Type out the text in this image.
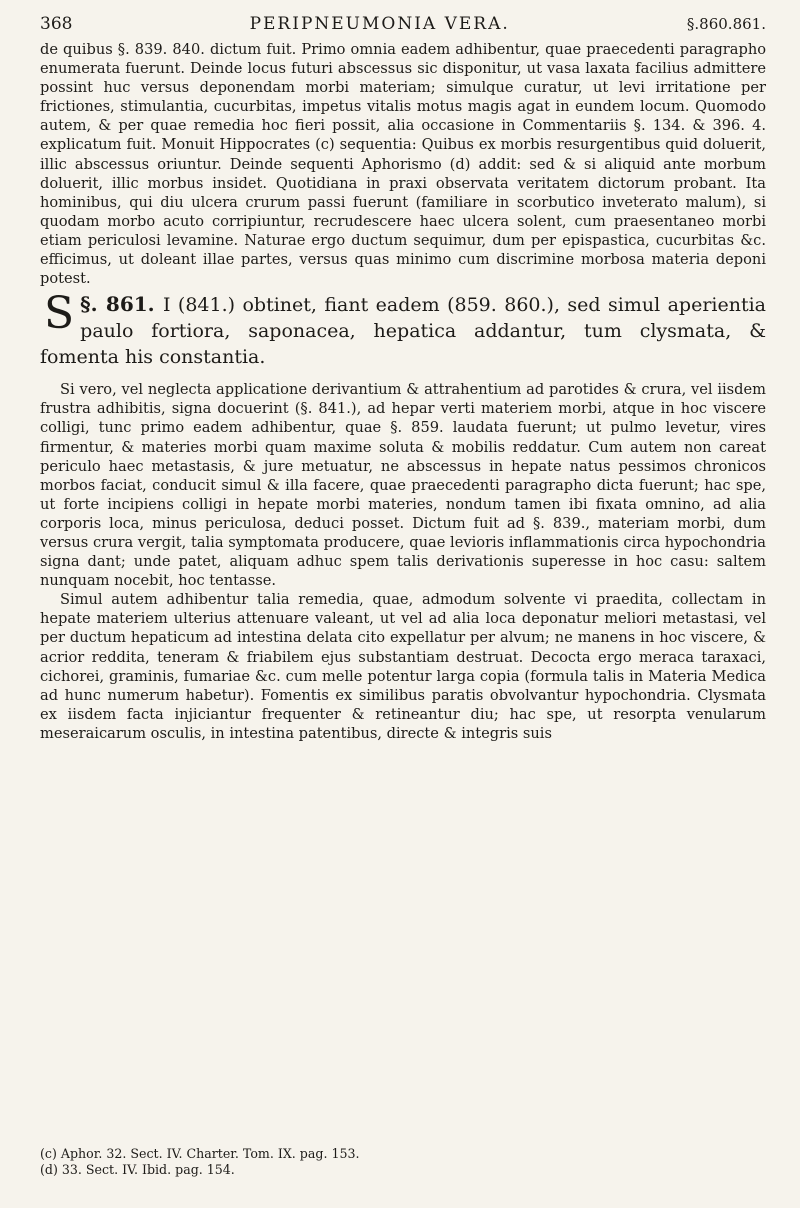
368	PERIPNEUMONIA VERA.	§.860.861.

de quibus §. 839. 840. dictum fuit. Primo omnia eadem adhibentur, quae praecedenti paragrapho enumerata fuerunt. Deinde locus futuri abscessus sic disponitur, ut vasa laxata facilius admittere possint huc versus deponendam morbi materiam; simulque curatur, ut levi irritatione per frictiones, stimulantia, cucurbitas, impetus vitalis motus magis agat in eundem locum. Quomodo autem, & per quae remedia hoc fieri possit, alia occasione in Commentariis §. 134. & 396. 4. explicatum fuit. Monuit Hippocrates (c) sequentia: Quibus ex morbis resurgentibus quid doluerit, illic abscessus oriuntur. Deinde sequenti Aphorismo (d) addit: sed & si aliquid ante morbum doluerit, illic morbus insidet. Quotidiana in praxi observata veritatem dictorum probant. Ita hominibus, qui diu ulcera crurum passi fuerunt (familiare in scorbutico inveterato malum), si quodam morbo acuto corripiuntur, recrudescere haec ulcera solent, cum praesentaneo morbi etiam periculosi levamine. Naturae ergo ductum sequimur, dum per epispastica, cucurbitas &c. efficimus, ut doleant illae partes, versus quas minimo cum discrimine morbosa materia deponi potest.

§. 861.
S	I (841.) obtinet, fiant eadem (859. 860.), sed simul aperientia paulo fortiora, saponacea, hepatica addantur, tum clysmata, & fomenta his constantia.

Si vero, vel neglecta applicatione derivantium & attrahentium ad parotides & crura, vel iisdem frustra adhibitis, signa docuerint (§. 841.), ad hepar verti materiem morbi, atque in hoc viscere colligi, tunc primo eadem adhibentur, quae §. 859. laudata fuerunt; ut pulmo levetur, vires firmentur, & materies morbi quam maxime soluta & mobilis reddatur. Cum autem non careat periculo haec metastasis, & jure metuatur, ne abscessus in hepate natus pessimos chronicos morbos faciat, conducit simul & illa facere, quae praecedenti paragrapho dicta fuerunt; hac spe, ut forte incipiens colligi in hepate morbi materies, nondum tamen ibi fixata omnino, ad alia corporis loca, minus periculosa, deduci posset. Dictum fuit ad §. 839., materiam morbi, dum versus crura vergit, talia symptomata producere, quae levioris inflammationis circa hypochondria signa dant; unde patet, aliquam adhuc spem talis derivationis superesse in hoc casu: saltem nunquam nocebit, hoc tentasse.

Simul autem adhibentur talia remedia, quae, admodum solvente vi praedita, collectam in hepate materiem ulterius attenuare valeant, ut vel ad alia loca deponatur meliori metastasi, vel per ductum hepaticum ad intestina delata cito expellatur per alvum; ne manens in hoc viscere, & acrior reddita, teneram & friabilem ejus substantiam destruat. Decocta ergo meraca taraxaci, cichorei, graminis, fumariae &c. cum melle potentur larga copia (formula talis in Materia Medica ad hunc numerum habetur). Fomentis ex similibus paratis obvolvantur hypochondria. Clysmata ex iisdem facta injiciantur frequenter & retineantur diu; hac spe, ut resorpta venularum meseraicarum osculis, in intestina patentibus, directe & integris suis

(c) Aphor. 32. Sect. IV. Charter. Tom. IX. pag. 153.
(d) 33. Sect. IV. Ibid. pag. 154.
